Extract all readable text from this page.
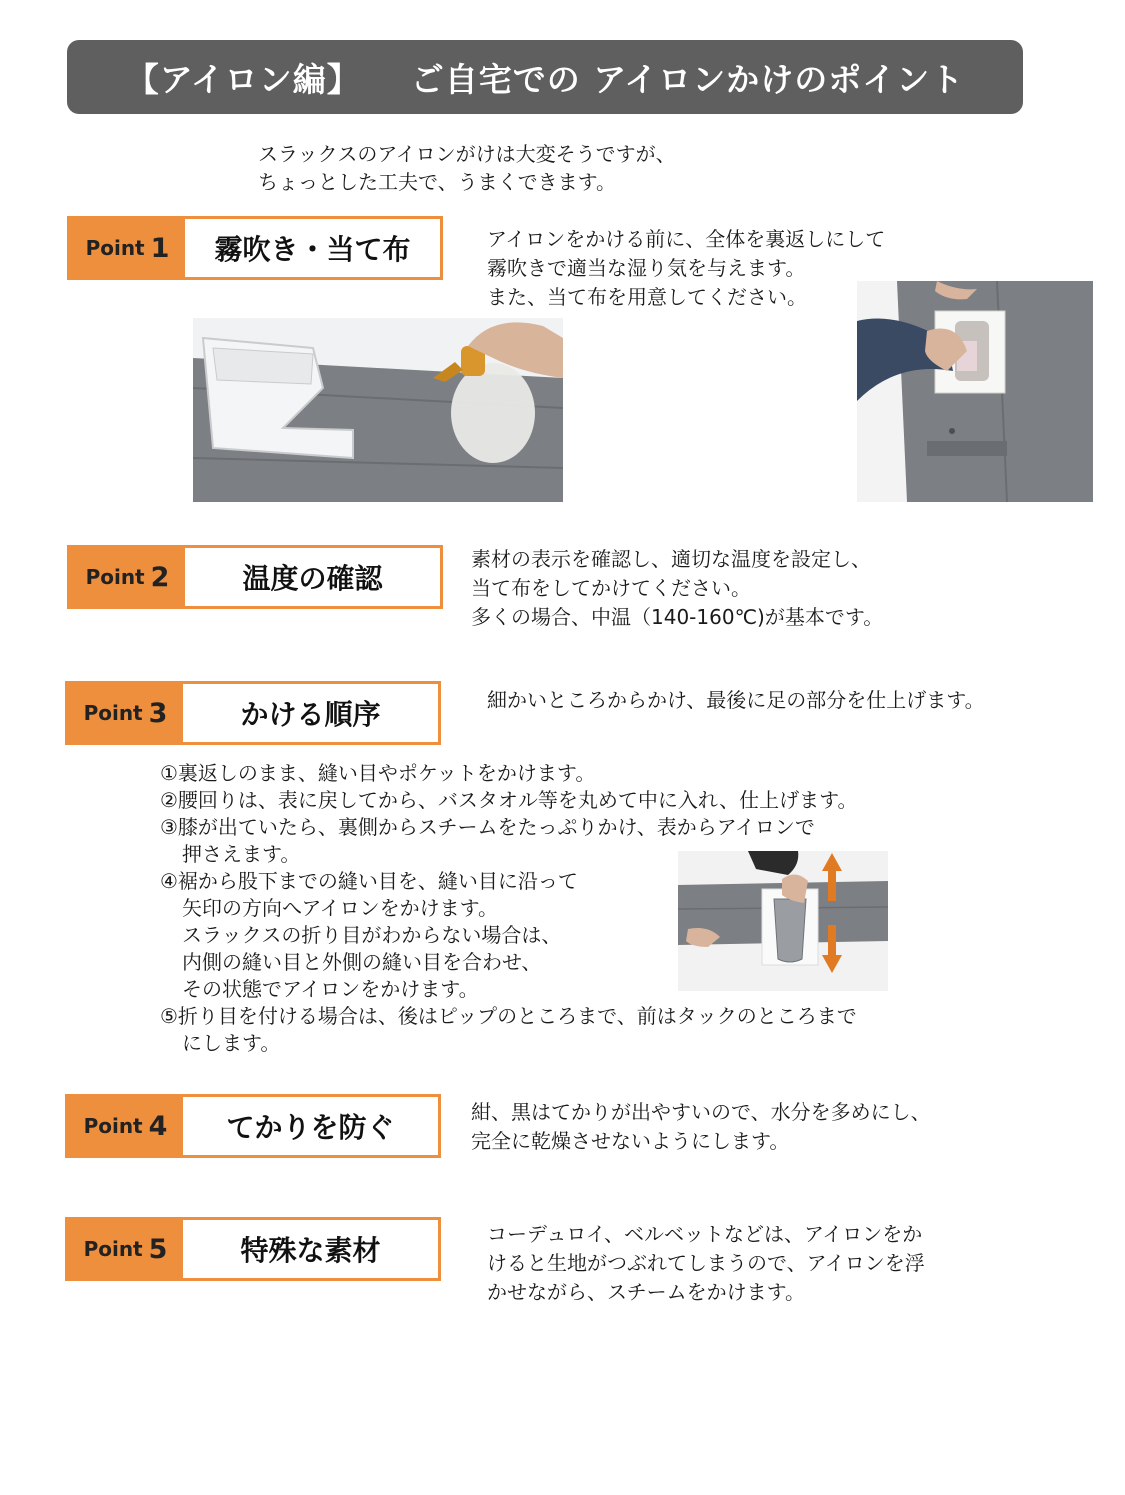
【アイロン編】
ご自宅での アイロンかけのポイント
スラックスのアイロンがけは大変そうですが、
ちょっとした工夫で、うまくできます。
Point 1	霧吹き・当て布	アイロンをかける前に、全体を裏返しにして
霧吹きで適当な湿り気を与えます。
また、当て布を用意してください。
Point 2	温度の確認
素材の表示を確認し、適切な温度を設定し、
当て布をしてかけてください。
多くの場合、中温（140-160℃)が基本です。
Point 3	かける順序	細かいところからかけ、最後に足の部分を仕上げます。
①裏返しのまま、縫い目やポケットをかけます。
②腰回りは、表に戻してから、バスタオル等を丸めて中に入れ、仕上げます。
③膝が出ていたら、裏側からスチームをたっぷりかけ、表からアイロンで
押さえます。
④裾から股下までの縫い目を、縫い目に沿って
矢印の方向へアイロンをかけます。
スラックスの折り目がわからない場合は、
内側の縫い目と外側の縫い目を合わせ、
その状態でアイロンをかけます。
⑤折り目を付ける場合は、後はピップのところまで、前はタックのところまで
にします。
Point 4	てかりを防ぐ	紺、黒はてかりが出やすいので、水分を多めにし、
完全に乾燥させないようにします。
Point 5	特殊な素材	コーデュロイ、ベルベットなどは、アイロンをか
けると生地がつぶれてしまうので、アイロンを浮
かせながら、スチームをかけます。
